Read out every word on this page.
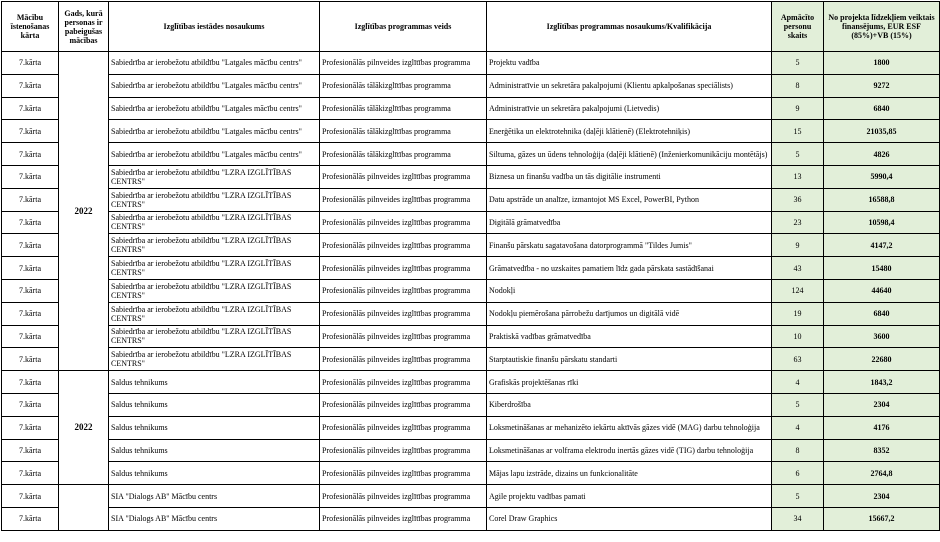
Mācību īstenošanas kārta	Gads, kurā personas ir pabeigušas mācības	Izglītības iestādes nosaukums	Izglītības programmas veids	Izglītības programmas nosaukums/Kvalifikācija	Apmācīto personu skaits	No projekta līdzekļiem veiktais finansējums, EUR ESF (85%)+VB (15%)
7.kārta	2022	Sabiedrība ar ierobežotu atbildību "Latgales mācību centrs"	Profesionālās pilnveides izglītības programma	Projektu vadība	5	1800
7.kārta		Sabiedrība ar ierobežotu atbildību "Latgales mācību centrs"	Profesionālās tālākizglītības programma	Administratīvie un sekretāra pakalpojumi (Klientu apkalpošanas speciālists)	8	9272
7.kārta		Sabiedrība ar ierobežotu atbildību "Latgales mācību centrs"	Profesionālās tālākizglītības programma	Administratīvie un sekretāra pakalpojumi (Lietvedis)	9	6840
7.kārta		Sabiedrība ar ierobežotu atbildību "Latgales mācību centrs"	Profesionālās tālākizglītības programma	Enerģētika un elektrotehnika (daļēji klātienē) (Elektrotehniķis)	15	21035,85
7.kārta		Sabiedrība ar ierobežotu atbildību "Latgales mācību centrs"	Profesionālās tālākizglītības programma	Siltuma, gāzes un ūdens tehnoloģija (daļēji klātienē) (Inženierkomunikāciju montētājs)	5	4826
7.kārta		Sabiedrība ar ierobežotu atbildību "LZRA IZGLĪTĪBAS CENTRS"	Profesionālās pilnveides izglītības programma	Biznesa un finanšu vadība un tās digitālie instrumenti	13	5990,4
7.kārta		Sabiedrība ar ierobežotu atbildību "LZRA IZGLĪTĪBAS CENTRS"	Profesionālās pilnveides izglītības programma	Datu apstrāde un analīze, izmantojot MS Excel, PowerBI, Python	36	16588,8
7.kārta		Sabiedrība ar ierobežotu atbildību "LZRA IZGLĪTĪBAS CENTRS"	Profesionālās pilnveides izglītības programma	Digitālā grāmatvedība	23	10598,4
7.kārta		Sabiedrība ar ierobežotu atbildību "LZRA IZGLĪTĪBAS CENTRS"	Profesionālās pilnveides izglītības programma	Finanšu pārskatu sagatavošana datorprogrammā "Tildes Jumis"	9	4147,2
7.kārta		Sabiedrība ar ierobežotu atbildību "LZRA IZGLĪTĪBAS CENTRS"	Profesionālās pilnveides izglītības programma	Grāmatvedība - no uzskaites pamatiem līdz gada pārskata sastādīšanai	43	15480
7.kārta		Sabiedrība ar ierobežotu atbildību "LZRA IZGLĪTĪBAS CENTRS"	Profesionālās pilnveides izglītības programma	Nodokļi	124	44640
7.kārta		Sabiedrība ar ierobežotu atbildību "LZRA IZGLĪTĪBAS CENTRS"	Profesionālās pilnveides izglītības programma	Nodokļu piemērošana pārrobežu darījumos un digitālā vidē	19	6840
7.kārta		Sabiedrība ar ierobežotu atbildību "LZRA IZGLĪTĪBAS CENTRS"	Profesionālās pilnveides izglītības programma	Praktiskā vadības grāmatvedība	10	3600
7.kārta		Sabiedrība ar ierobežotu atbildību "LZRA IZGLĪTĪBAS CENTRS"	Profesionālās pilnveides izglītības programma	Starptautiskie finanšu pārskatu standarti	63	22680
7.kārta	2022	Saldus tehnikums	Profesionālās pilnveides izglītības programma	Grafiskās projektēšanas rīki	4	1843,2
7.kārta		Saldus tehnikums	Profesionālās pilnveides izglītības programma	Kiberdrošība	5	2304
7.kārta		Saldus tehnikums	Profesionālās pilnveides izglītības programma	Loksmetināšanas ar mehanizēto iekārtu aktīvās gāzes vidē (MAG) darbu tehnoloģija	4	4176
7.kārta		Saldus tehnikums	Profesionālās pilnveides izglītības programma	Loksmetināšanas ar volframa elektrodu inertās gāzes vidē (TIG) darbu tehnoloģija	8	8352
7.kārta		Saldus tehnikums	Profesionālās pilnveides izglītības programma	Mājas lapu izstrāde, dizains un funkcionalitāte	6	2764,8
7.kārta		SIA "Dialogs AB" Mācību centrs	Profesionālās pilnveides izglītības programma	Agile projektu vadības pamati	5	2304
7.kārta		SIA "Dialogs AB" Mācību centrs	Profesionālās pilnveides izglītības programma	Corel Draw Graphics	34	15667,2
